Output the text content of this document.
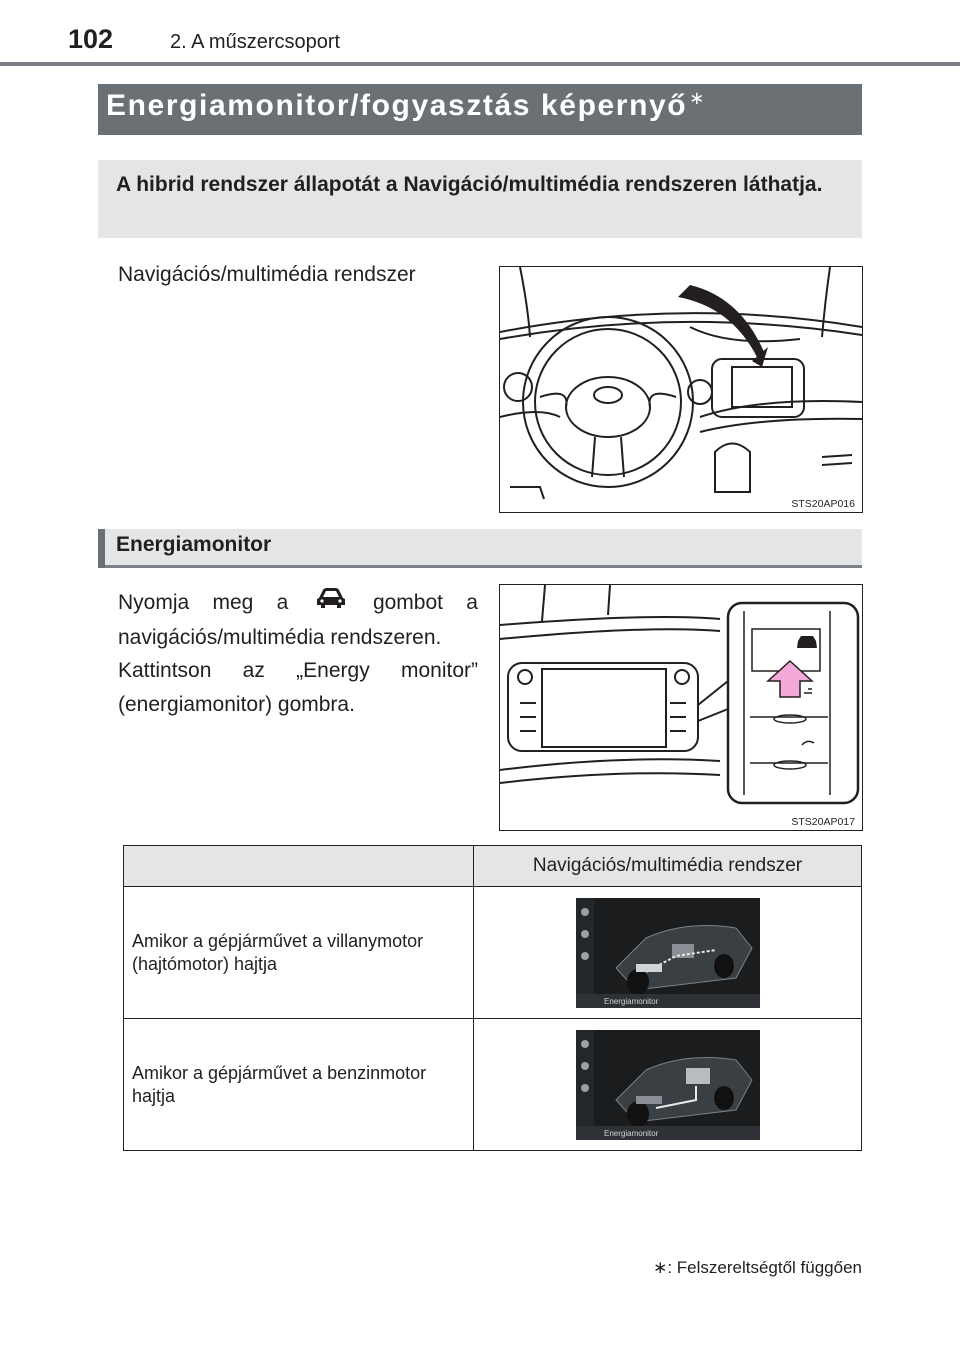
102	2. A műszercsoport
Energiamonitor/fogyasztás képernyő ∗
A hibrid rendszer állapotát a Navigáció/multimédia rendszeren láthatja.
Navigációs/multimédia rendszer
STS20AP016
Energiamonitor
Nyomja meg a	gombot a navigációs/multimédia rendszeren.
Kattintson az „Energy monitor” (energiamonitor) gombra.
STS20AP017
	Navigációs/multimédia rendszer
Amikor a gépjárművet a villanymotor (hajtómotor) hajtja	Energiamonitor

Amikor a gépjárművet a benzinmotor hajtja	Energiamonitor
∗: Felszereltségtől függően
